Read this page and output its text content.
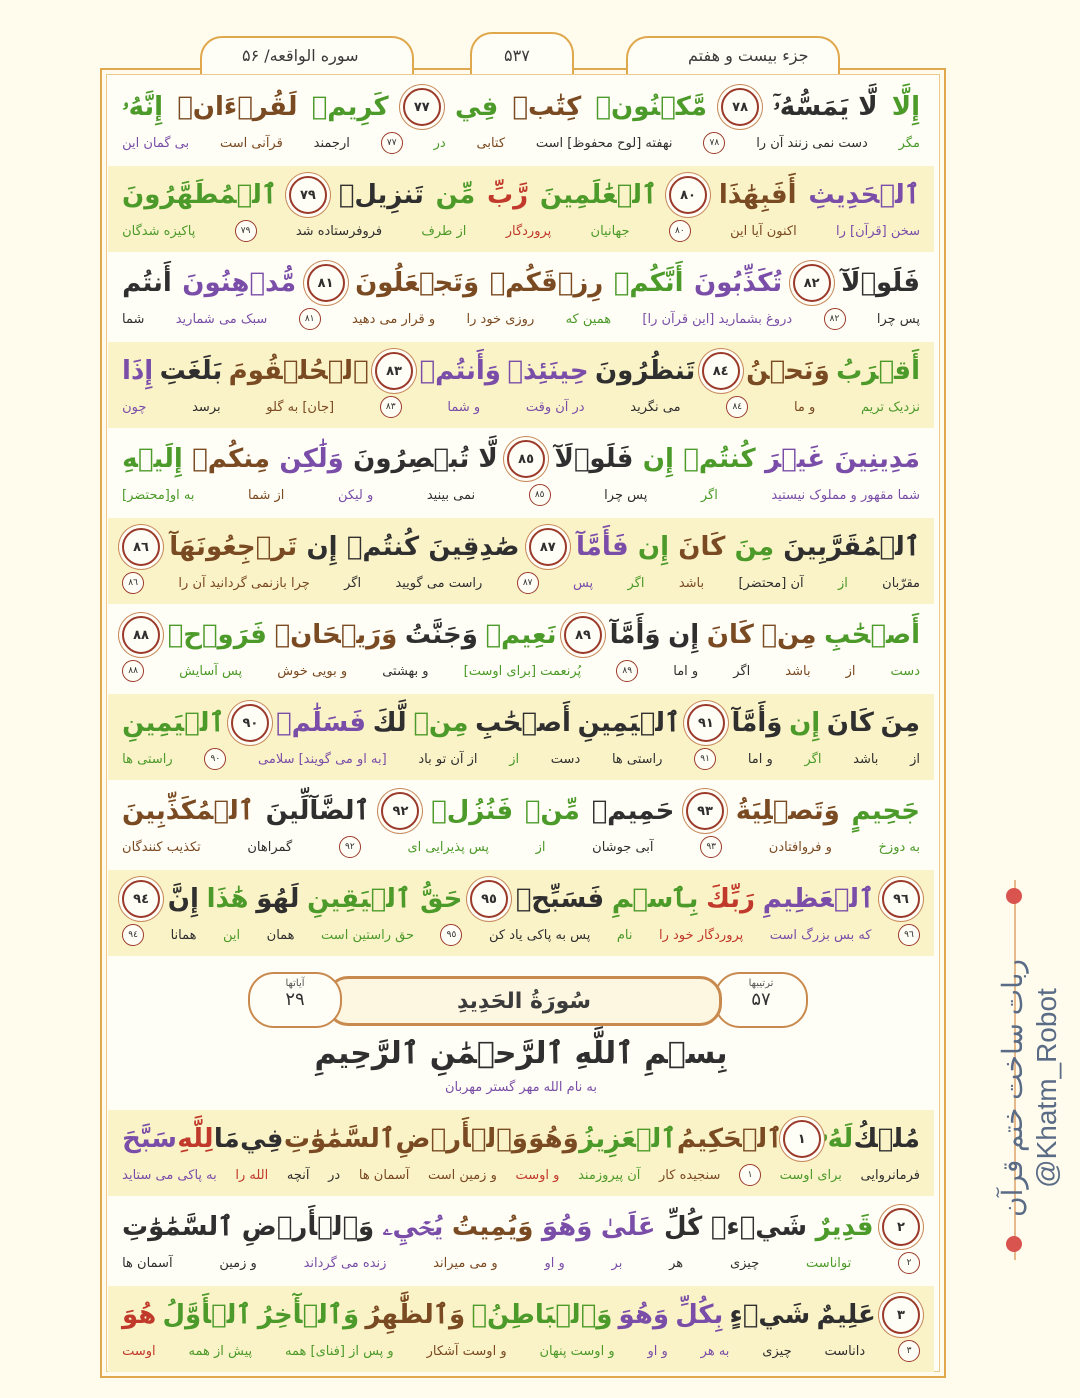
سوره الواقعه/ ۵۶	۵۳۷	جزء بیست و هفتم
إِنَّهُۥ لَقُرۡءَانٞ كَرِيمٞ	٧٧ فِي كِتَٰبٖ مَّكۡنُونٖ	٧٨ لَّا يَمَسُّهُۥٓ إِلَّا
بی گمان این قرآنی است ارجمند	٧٧	در کتابی نهفته [لوح محفوظ] است	٧٨	دست نمی زنند آن را مگر
ٱلۡمُطَهَّرُونَ	٧٩ تَنزِيلٞ مِّن رَّبِّ ٱلۡعَٰلَمِينَ	٨٠ أَفَبِهَٰذَا ٱلۡحَدِيثِ
پاکیزه شدگان	٧٩	فروفرستاده شد	از طرف	پروردگار	جهانیان	٨٠	اکنون آیا این	سخن [قرآن] را
أَنتُم مُّدۡهِنُونَ	٨١ وَتَجۡعَلُونَ رِزۡقَكُمۡ أَنَّكُمۡ تُكَذِّبُونَ	٨٢ فَلَوۡلَآ
شما سبک می شمارید	٨١	و قرار می دهید روزی خود را همین که دروغ بشمارید [این قرآن را]	٨٢	پس چرا
إِذَا بَلَغَتِ ٱلۡحُلۡقُومَ	٨٣ وَأَنتُمۡ حِينَئِذٖ تَنظُرُونَ	٨٤ وَنَحۡنُ أَقۡرَبُ
چون	برسد	[جان] به گلو	٨٣	و شما	در آن وقت	می نگرید	٨٤	و ما	نزدیک تریم
إِلَيۡهِ مِنكُمۡ وَلَٰكِن لَّا تُبۡصِرُونَ	٨٥ فَلَوۡلَآ إِن كُنتُمۡ غَيۡرَ مَدِينِينَ
به او[محتضر]	از شما	و لیکن	نمی بینید	٨٥	پس چرا	اگر	شما مقهور و مملوک نیستید
٨٦ تَرۡجِعُونَهَآ إِن كُنتُمۡ صَٰدِقِينَ	٨٧ فَأَمَّآ إِن كَانَ مِنَ ٱلۡمُقَرَّبِينَ
٨٦	چرا بازنمی گردانید آن را	اگر	راست می گویید	٨٧	پس	اگر	باشد	آن [محتضر]	از	مقرّبان
٨٨ فَرَوۡحٞ وَرَيۡحَانٞ وَجَنَّتُ نَعِيمٖ	٨٩ وَأَمَّآ إِن كَانَ مِنۡ أَصۡحَٰبِ
٨٨	پس آسایش	و بویی خوش	و بهشتی	پُرنعمت [برای اوست]	٨٩	و اما	اگر	باشد	از	دست
ٱلۡيَمِينِ	٩٠ فَسَلَٰمٞ لَّكَ مِنۡ أَصۡحَٰبِ ٱلۡيَمِينِ	٩١ وَأَمَّآ إِن كَانَ مِنَ
راستی ها	٩٠	[به او می گویند] سلامی از آن تو باد از دست راستی ها	٩١	و اما اگر باشد از
ٱلۡمُكَذِّبِينَ ٱلضَّآلِّينَ	٩٢ فَنُزُلٞ مِّنۡ حَمِيمٖ	٩٣ وَتَصۡلِيَةُ جَحِيمٍ
تکذیب کنندگان	گمراهان	٩٢	پس پذیرایی ای	از	آبی جوشان	٩٣	و فروافتادن	به دوزخ
٩٤ إِنَّ هَٰذَا لَهُوَ حَقُّ ٱلۡيَقِينِ	٩٥ فَسَبِّحۡ بِٱسۡمِ رَبِّكَ ٱلۡعَظِيمِ	٩٦
٩٤	همانا این همان حق راستین است	٩٥	پس به پاکی یاد کن نام پروردگار خود را که بس بزرگ است	٩٦
ترتیبها
۵۷
سُورَةُ الحَدِيدِ
آیاتها
۲۹
بِسۡمِ ٱللَّهِ ٱلرَّحۡمَٰنِ ٱلرَّحِيمِ
به نام الله مهر گستر مهربان
سَبَّحَ لِلَّهِ مَا فِي ٱلسَّمَٰوَٰتِ وَٱلۡأَرۡضِ وَهُوَ ٱلۡعَزِيزُ ٱلۡحَكِيمُ	١ لَهُۥ مُلۡكُ
به پاکی می ستاید الله را آنچه در آسمان ها و زمین است و اوست آن پیروزمند سنجیده کار	١	برای اوست فرمانروایی
ٱلسَّمَٰوَٰتِ وَٱلۡأَرۡضِ يُحۡيِۦ وَيُمِيتُ وَهُوَ عَلَىٰ كُلِّ شَيۡءٖ قَدِيرٌ	٢
آسمان ها	و زمین	زنده می گرداند	و می میراند	و او	بر	هر	چیزی	تواناست	٢
هُوَ ٱلۡأَوَّلُ وَٱلۡأٓخِرُ وَٱلظَّٰهِرُ وَٱلۡبَاطِنُۖ وَهُوَ بِكُلِّ شَيۡءٍ عَلِيمٌ	٣
اوست	پیش از همه	و پس از [فنای] همه	و اوست آشکار	و اوست پنهان	و او	به هر	چیزی	داناست	٣
ربات ساخت ختم قرآن @Khatm_Robot
